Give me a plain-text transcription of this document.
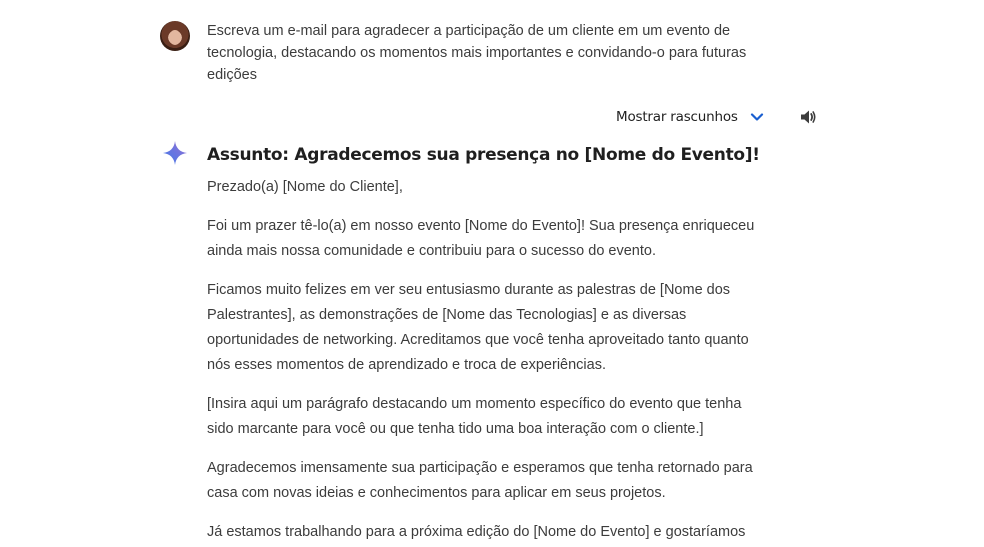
Escreva um e-mail para agradecer a participação de um cliente em um evento de tecnologia, destacando os momentos mais importantes e convidando-o para futuras edições
Mostrar rascunhos

Assunto: Agradecemos sua presença no [Nome do Evento]!

Prezado(a) [Nome do Cliente],

Foi um prazer tê-lo(a) em nosso evento [Nome do Evento]! Sua presença enriqueceu ainda mais nossa comunidade e contribuiu para o sucesso do evento.

Ficamos muito felizes em ver seu entusiasmo durante as palestras de [Nome dos Palestrantes], as demonstrações de [Nome das Tecnologias] e as diversas oportunidades de networking. Acreditamos que você tenha aproveitado tanto quanto nós esses momentos de aprendizado e troca de experiências.

[Insira aqui um parágrafo destacando um momento específico do evento que tenha sido marcante para você ou que tenha tido uma boa interação com o cliente.]

Agradecemos imensamente sua participação e esperamos que tenha retornado para casa com novas ideias e conhecimentos para aplicar em seus projetos.

Já estamos trabalhando para a próxima edição do [Nome do Evento] e gostaríamos
